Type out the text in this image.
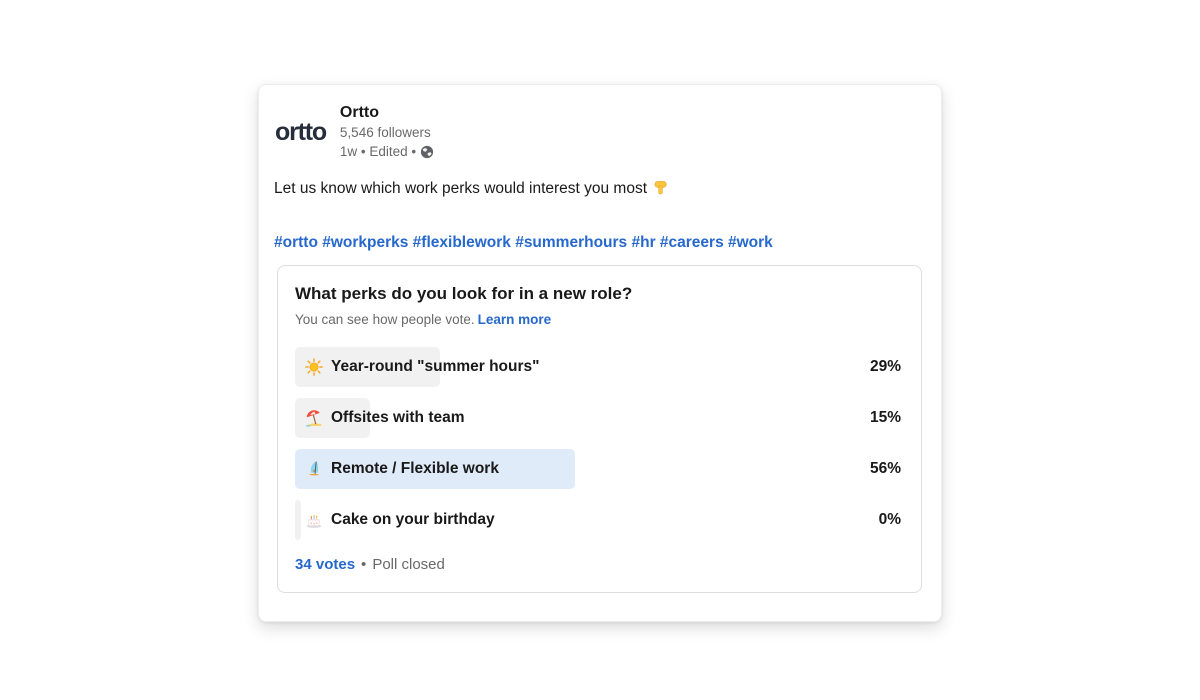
ortto
Ortto
5,546 followers
1w • Edited •
Let us know which work perks would interest you most
#ortto #workperks #flexiblework #summerhours #hr #careers #work
What perks do you look for in a new role?
You can see how people vote. Learn more
Year-round "summer hours"	29%
Offsites with team	15%
Remote / Flexible work	56%
Cake on your birthday	0%
34 votes • Poll closed
